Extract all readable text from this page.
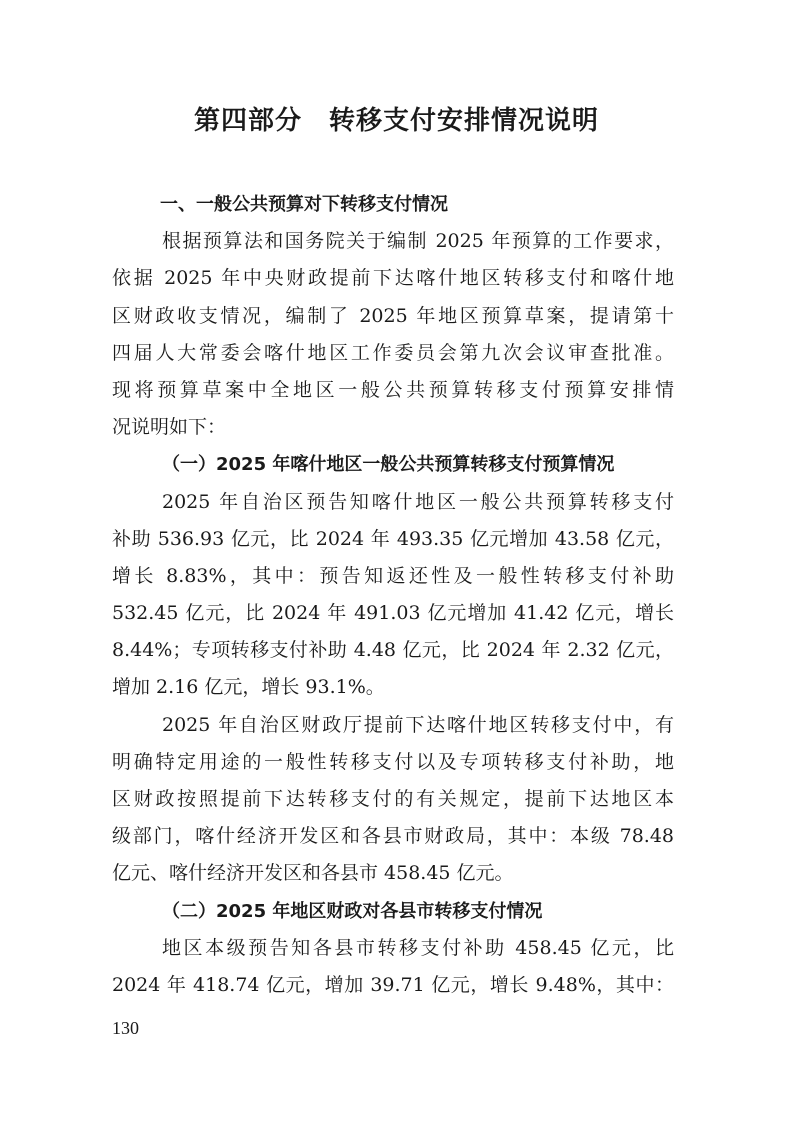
第四部分　转移支付安排情况说明
一、一般公共预算对下转移支付情况
根据预算法和国务院关于编制 2025 年预算的工作要求，
依据 2025 年中央财政提前下达喀什地区转移支付和喀什地
区财政收支情况，编制了 2025 年地区预算草案，提请第十
四届人大常委会喀什地区工作委员会第九次会议审查批准。
现将预算草案中全地区一般公共预算转移支付预算安排情
况说明如下：
（一）2025 年喀什地区一般公共预算转移支付预算情况
2025 年自治区预告知喀什地区一般公共预算转移支付
补助 536.93 亿元，比 2024 年 493.35 亿元增加 43.58 亿元，
增长 8.83%，其中：预告知返还性及一般性转移支付补助
532.45 亿元，比 2024 年 491.03 亿元增加 41.42 亿元，增长
8.44%；专项转移支付补助 4.48 亿元，比 2024 年 2.32 亿元，
增加 2.16 亿元，增长 93.1%。
2025 年自治区财政厅提前下达喀什地区转移支付中，有
明确特定用途的一般性转移支付以及专项转移支付补助，地
区财政按照提前下达转移支付的有关规定，提前下达地区本
级部门，喀什经济开发区和各县市财政局，其中：本级 78.48
亿元、喀什经济开发区和各县市 458.45 亿元。
（二）2025 年地区财政对各县市转移支付情况
地区本级预告知各县市转移支付补助 458.45 亿元，比
2024 年 418.74 亿元，增加 39.71 亿元，增长 9.48%，其中：
130
